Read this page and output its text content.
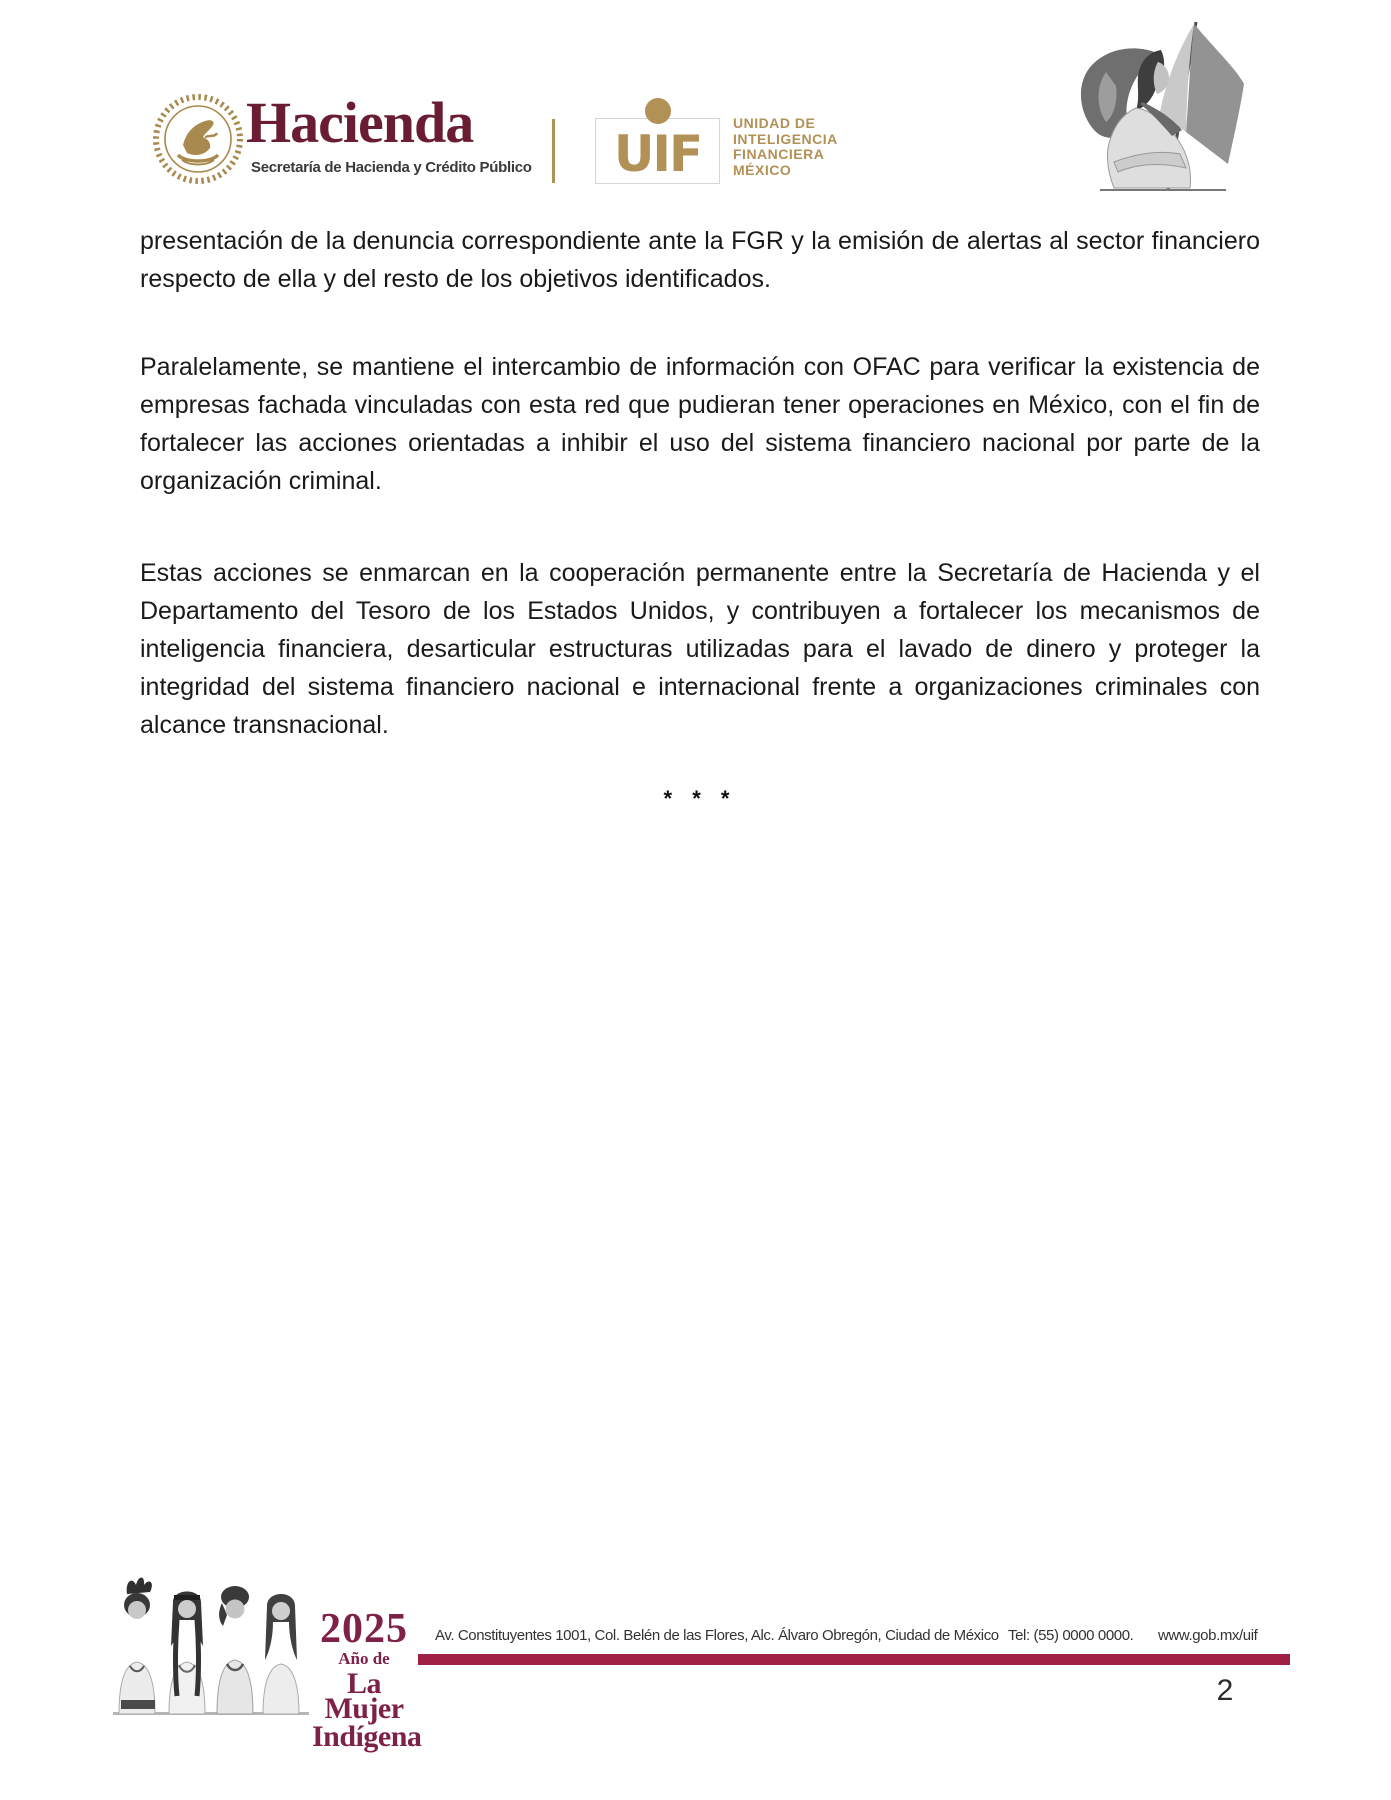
Hacienda
Secretaría de Hacienda y Crédito Público	UIF
UNIDAD DE
INTELIGENCIA
FINANCIERA
MÉXICO

presentación de la denuncia correspondiente ante la FGR y la emisión de alertas al sector financiero respecto de ella y del resto de los objetivos identificados.

Paralelamente, se mantiene el intercambio de información con OFAC para verificar la existencia de empresas fachada vinculadas con esta red que pudieran tener operaciones en México, con el fin de fortalecer las acciones orientadas a inhibir el uso del sistema financiero nacional por parte de la organización criminal.

Estas acciones se enmarcan en la cooperación permanente entre la Secretaría de Hacienda y el Departamento del Tesoro de los Estados Unidos, y contribuyen a fortalecer los mecanismos de inteligencia financiera, desarticular estructuras utilizadas para el lavado de dinero y proteger la integridad del sistema financiero nacional e internacional frente a organizaciones criminales con alcance transnacional.

* * *
2025
Año de
La Mujer
Indígena
Av. Constituyentes 1001, Col. Belén de las Flores, Alc. Álvaro Obregón, Ciudad de México Tel: (55) 0000 0000. www.gob.mx/uif
2
